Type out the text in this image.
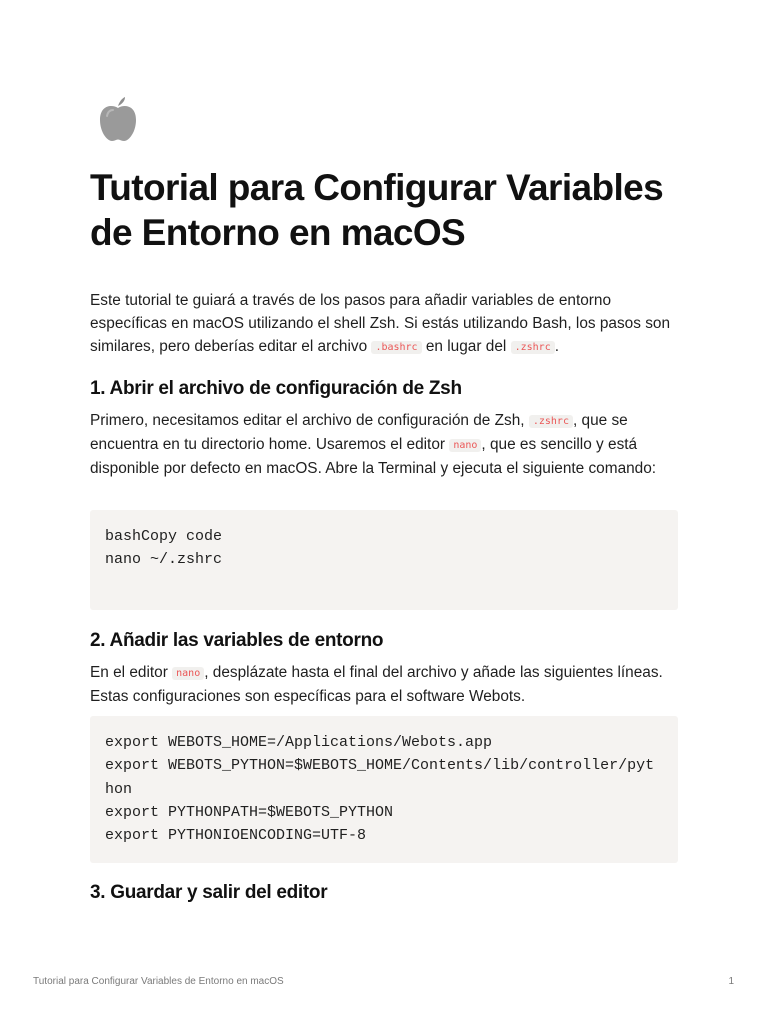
Tutorial para Configurar Variables de Entorno en macOS

Este tutorial te guiará a través de los pasos para añadir variables de entorno específicas en macOS utilizando el shell Zsh. Si estás utilizando Bash, los pasos son similares, pero deberías editar el archivo .bashrc en lugar del .zshrc .

1. Abrir el archivo de configuración de Zsh

Primero, necesitamos editar el archivo de configuración de Zsh, .zshrc , que se encuentra en tu directorio home. Usaremos el editor nano , que es sencillo y está disponible por defecto en macOS. Abre la Terminal y ejecuta el siguiente comando:

bashCopy code
nano ~/.zshrc
2. Añadir las variables de entorno

En el editor nano , desplázate hasta el final del archivo y añade las siguientes líneas. Estas configuraciones son específicas para el software Webots.

export WEBOTS_HOME=/Applications/Webots.app
export WEBOTS_PYTHON=$WEBOTS_HOME/Contents/lib/controller/pyt
hon
export PYTHONPATH=$WEBOTS_PYTHON
export PYTHONIOENCODING=UTF-8
3. Guardar y salir del editor
Tutorial para Configurar Variables de Entorno en macOS	1
